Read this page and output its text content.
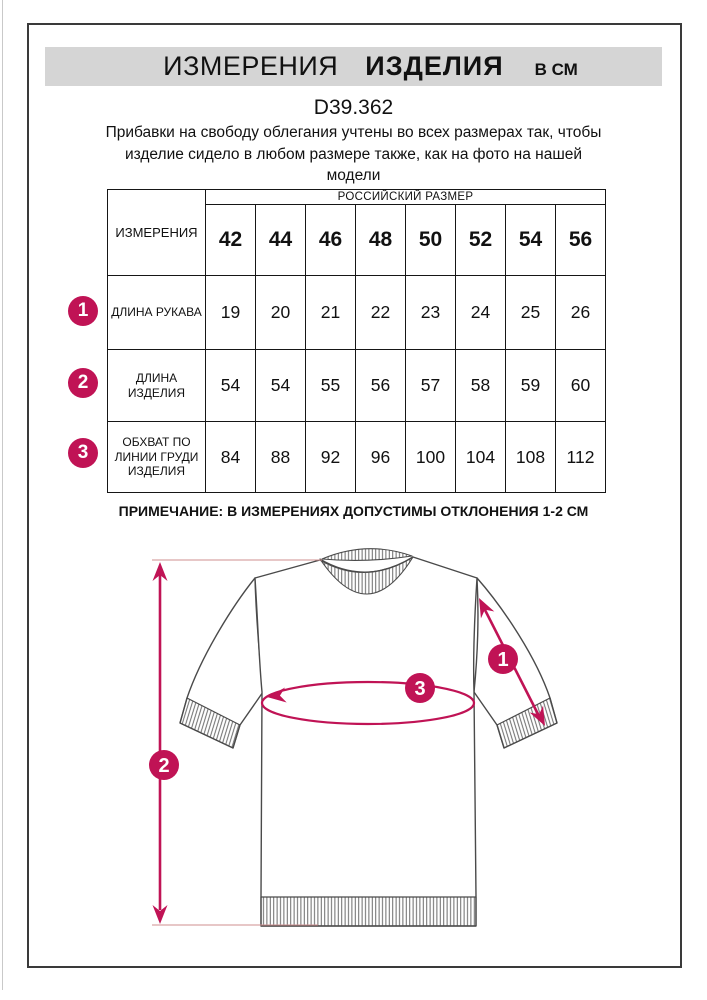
ИЗМЕРЕНИЯ ИЗДЕЛИЯ В СМ
D39.362
Прибавки на свободу облегания учтены во всех размерах так, чтобы
изделие сидело в любом размере также, как на фото на нашей
модели
1
2
3
ИЗМЕРЕНИЯ	РОССИЙСКИЙ РАЗМЕР							
	42	44	46	48	50	52	54	56

ДЛИНА РУКАВА	19	20	21	22	23	24	25	26

ДЛИНА
ИЗДЕЛИЯ	54	54	55	56	57	58	59	60

ОБХВАТ ПО
ЛИНИИ ГРУДИ
ИЗДЕЛИЯ	84	88	92	96	100	104	108	112
ПРИМЕЧАНИЕ: В ИЗМЕРЕНИЯХ ДОПУСТИМЫ ОТКЛОНЕНИЯ 1-2 СМ
1
2
3
